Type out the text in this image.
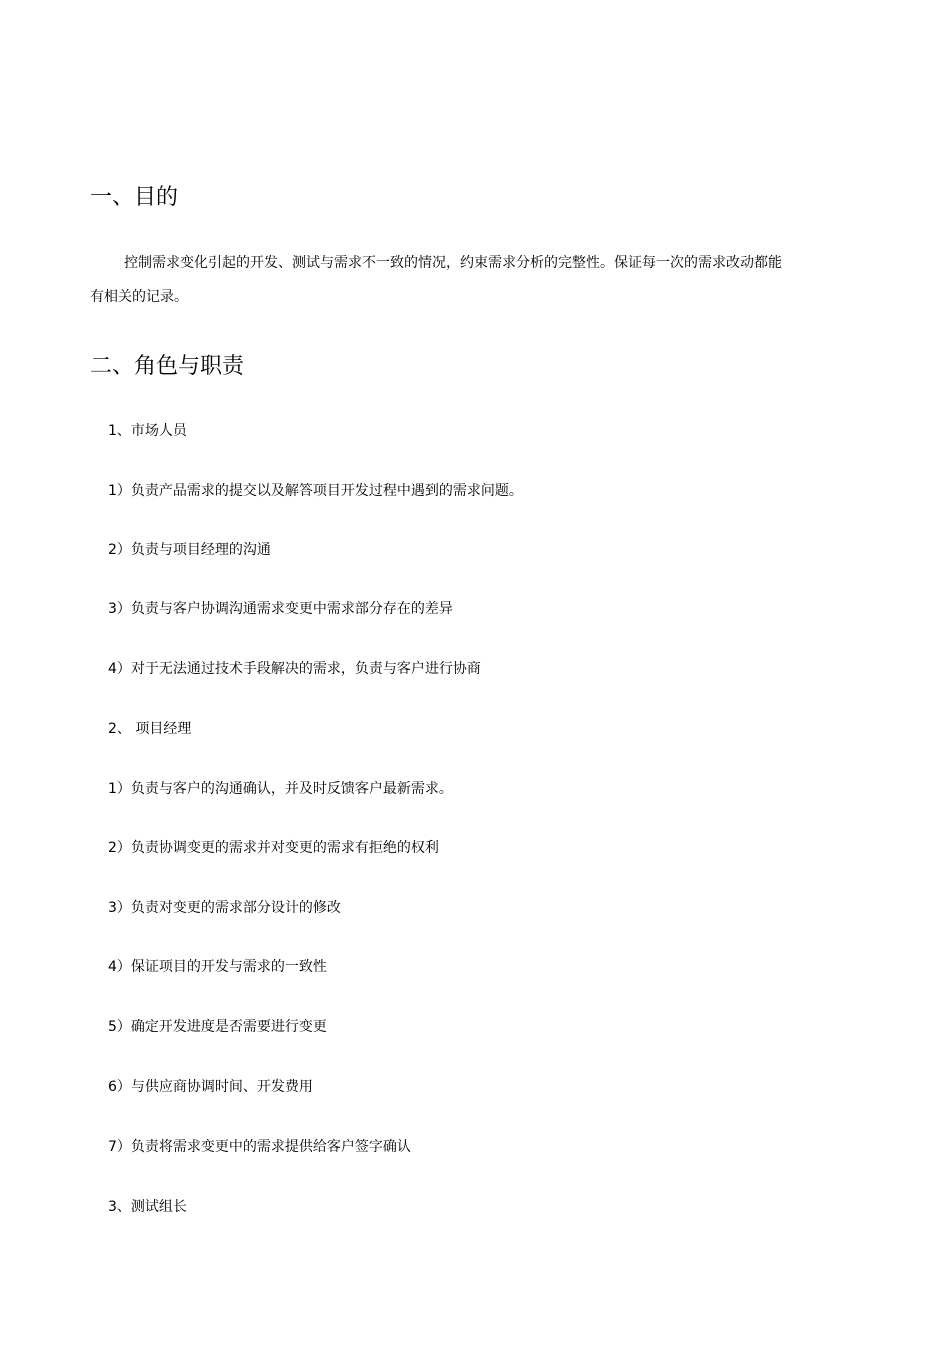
一、目的

控制需求变化引起的开发、测试与需求不一致的情况，约束需求分析的完整性。保证每一次的需求改动都能有相关的记录。

二、角色与职责

1、市场人员

1）负责产品需求的提交以及解答项目开发过程中遇到的需求问题。

2）负责与项目经理的沟通

3）负责与客户协调沟通需求变更中需求部分存在的差异

4）对于无法通过技术手段解决的需求，负责与客户进行协商

2、 项目经理

1）负责与客户的沟通确认，并及时反馈客户最新需求。

2）负责协调变更的需求并对变更的需求有拒绝的权利

3）负责对变更的需求部分设计的修改

4）保证项目的开发与需求的一致性

5）确定开发进度是否需要进行变更

6）与供应商协调时间、开发费用

7）负责将需求变更中的需求提供给客户签字确认

3、测试组长
